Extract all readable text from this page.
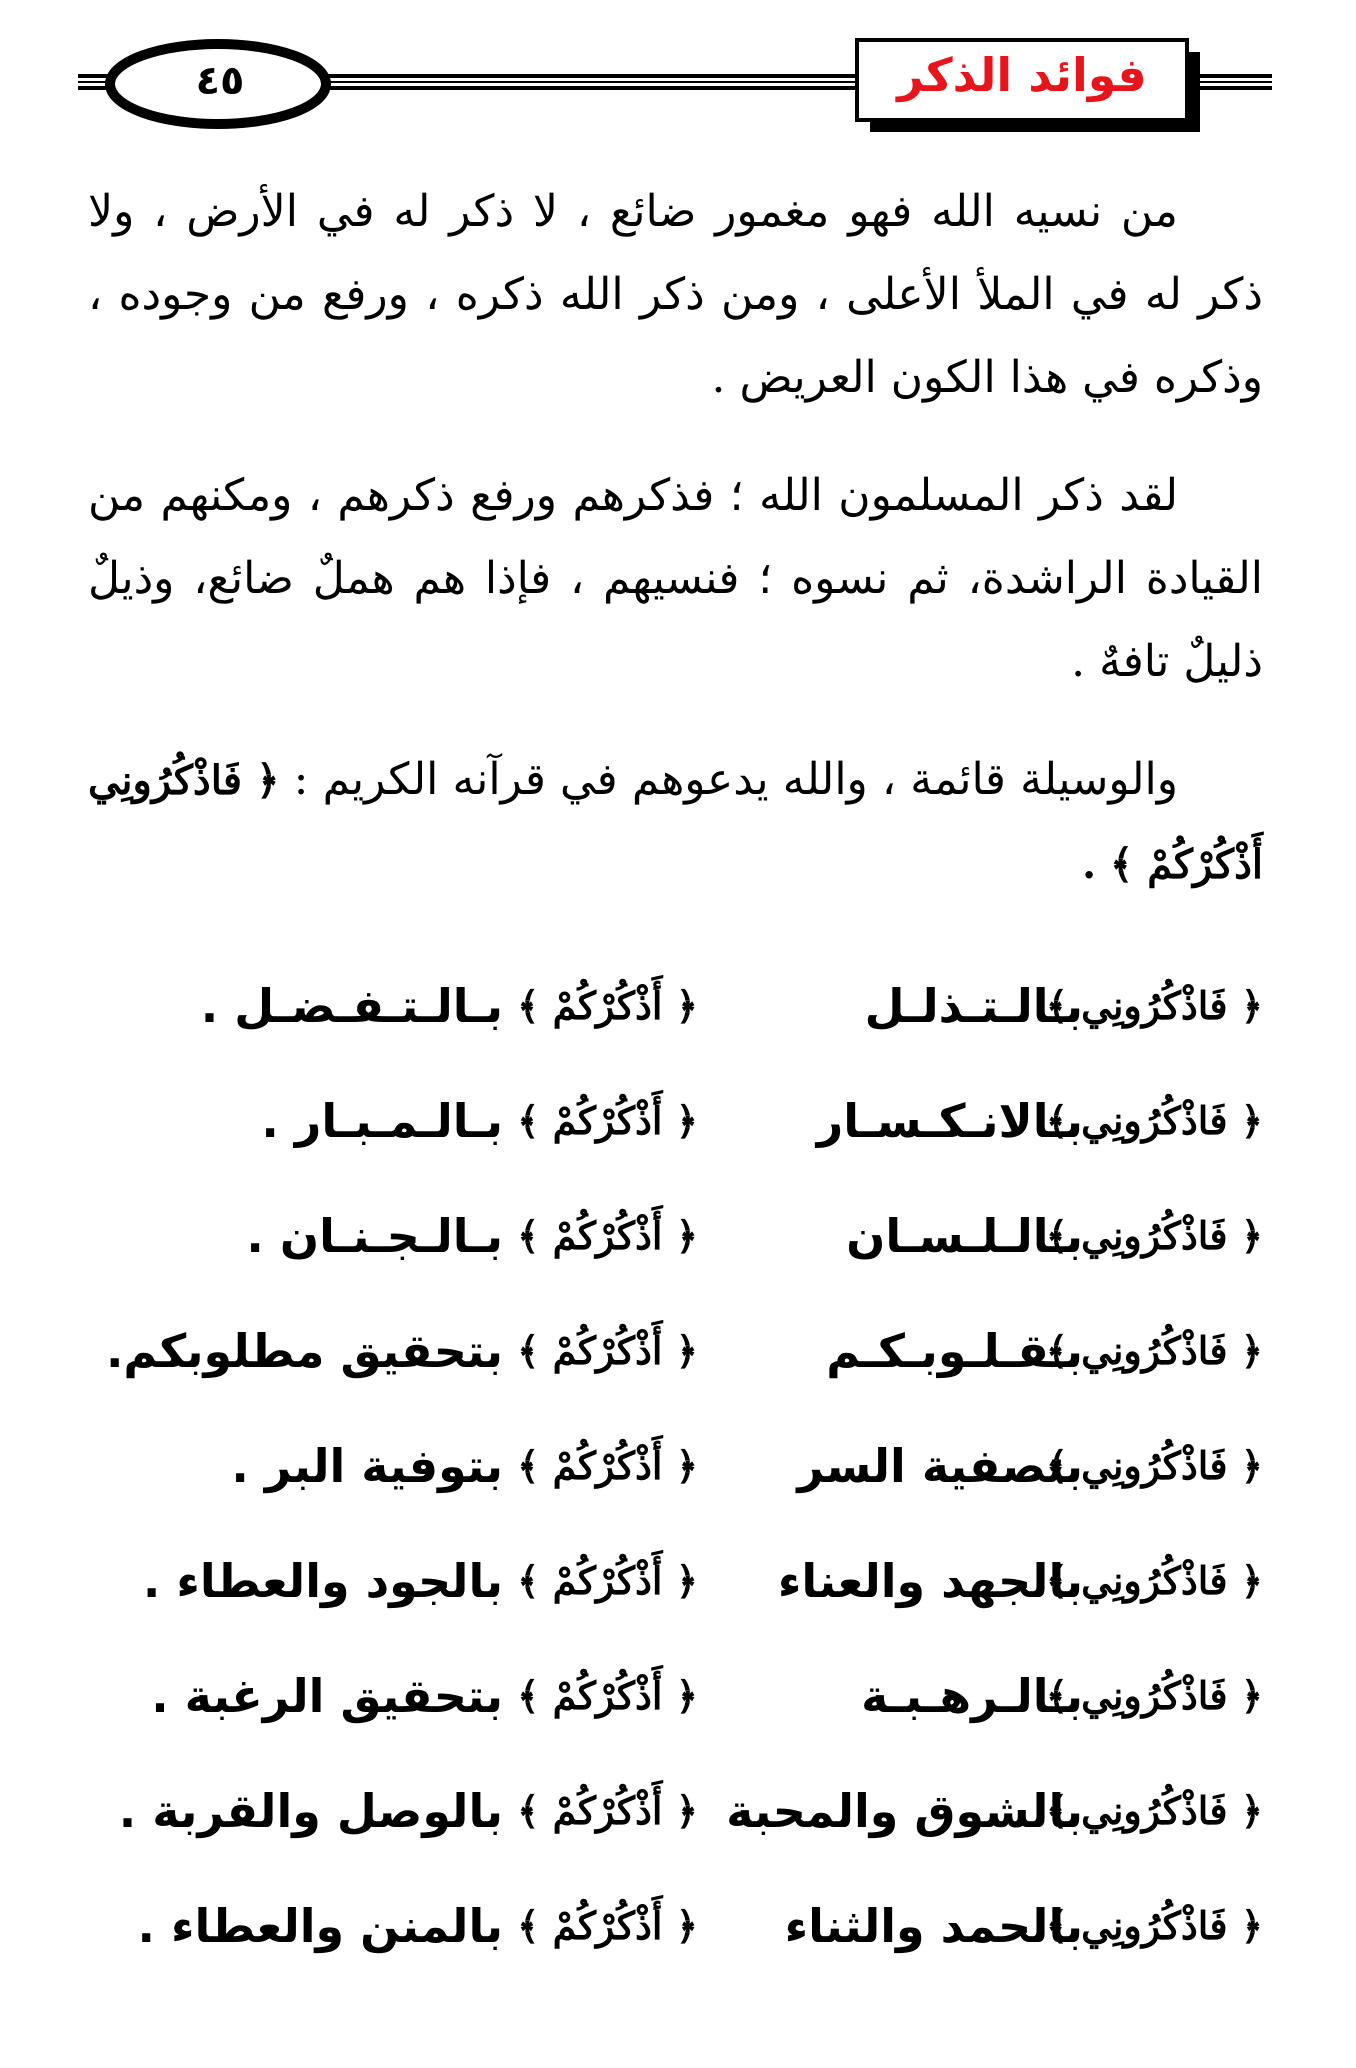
٤٥	فوائد الذكر

من نسيه الله فهو مغمور ضائع ، لا ذكر له في الأرض ، ولا ذكر له في الملأ الأعلى ، ومن ذكر الله ذكره ، ورفع من وجوده ، وذكره في هذا الكون العريض .

لقد ذكر المسلمون الله ؛ فذكرهم ورفع ذكرهم ، ومكنهم من القيادة الراشدة، ثم نسوه ؛ فنسيهم ، فإذا هم هملٌ ضائع، وذيلٌ ذليلٌ تافهٌ .

والوسيلة قائمة ، والله يدعوهم في قرآنه الكريم : ﴿ فَاذْكُرُونِي أَذْكُرْكُمْ ﴾ .

﴿ فَاذْكُرُونِي ﴾
بـالـتـذلـل
﴿ أَذْكُرْكُمْ ﴾
بـالـتـفـضـل .
﴿ فَاذْكُرُونِي ﴾
بـالانـكـسـار
﴿ أَذْكُرْكُمْ ﴾
بـالـمـبـار .
﴿ فَاذْكُرُونِي ﴾
بـالـلـسـان
﴿ أَذْكُرْكُمْ ﴾
بـالـجـنـان .
﴿ فَاذْكُرُونِي ﴾
بـقـلـوبـكـم
﴿ أَذْكُرْكُمْ ﴾
بتحقيق مطلوبكم.
﴿ فَاذْكُرُونِي ﴾
بتصفية السر
﴿ أَذْكُرْكُمْ ﴾
بتوفية البر .
﴿ فَاذْكُرُونِي ﴾
بالجهد والعناء
﴿ أَذْكُرْكُمْ ﴾
بالجود والعطاء .
﴿ فَاذْكُرُونِي ﴾
بـالـرهـبـة
﴿ أَذْكُرْكُمْ ﴾
بتحقيق الرغبة .
﴿ فَاذْكُرُونِي ﴾
بالشوق والمحبة
﴿ أَذْكُرْكُمْ ﴾
بالوصل والقربة .
﴿ فَاذْكُرُونِي ﴾
بالحمد والثناء
﴿ أَذْكُرْكُمْ ﴾
بالمنن والعطاء .
